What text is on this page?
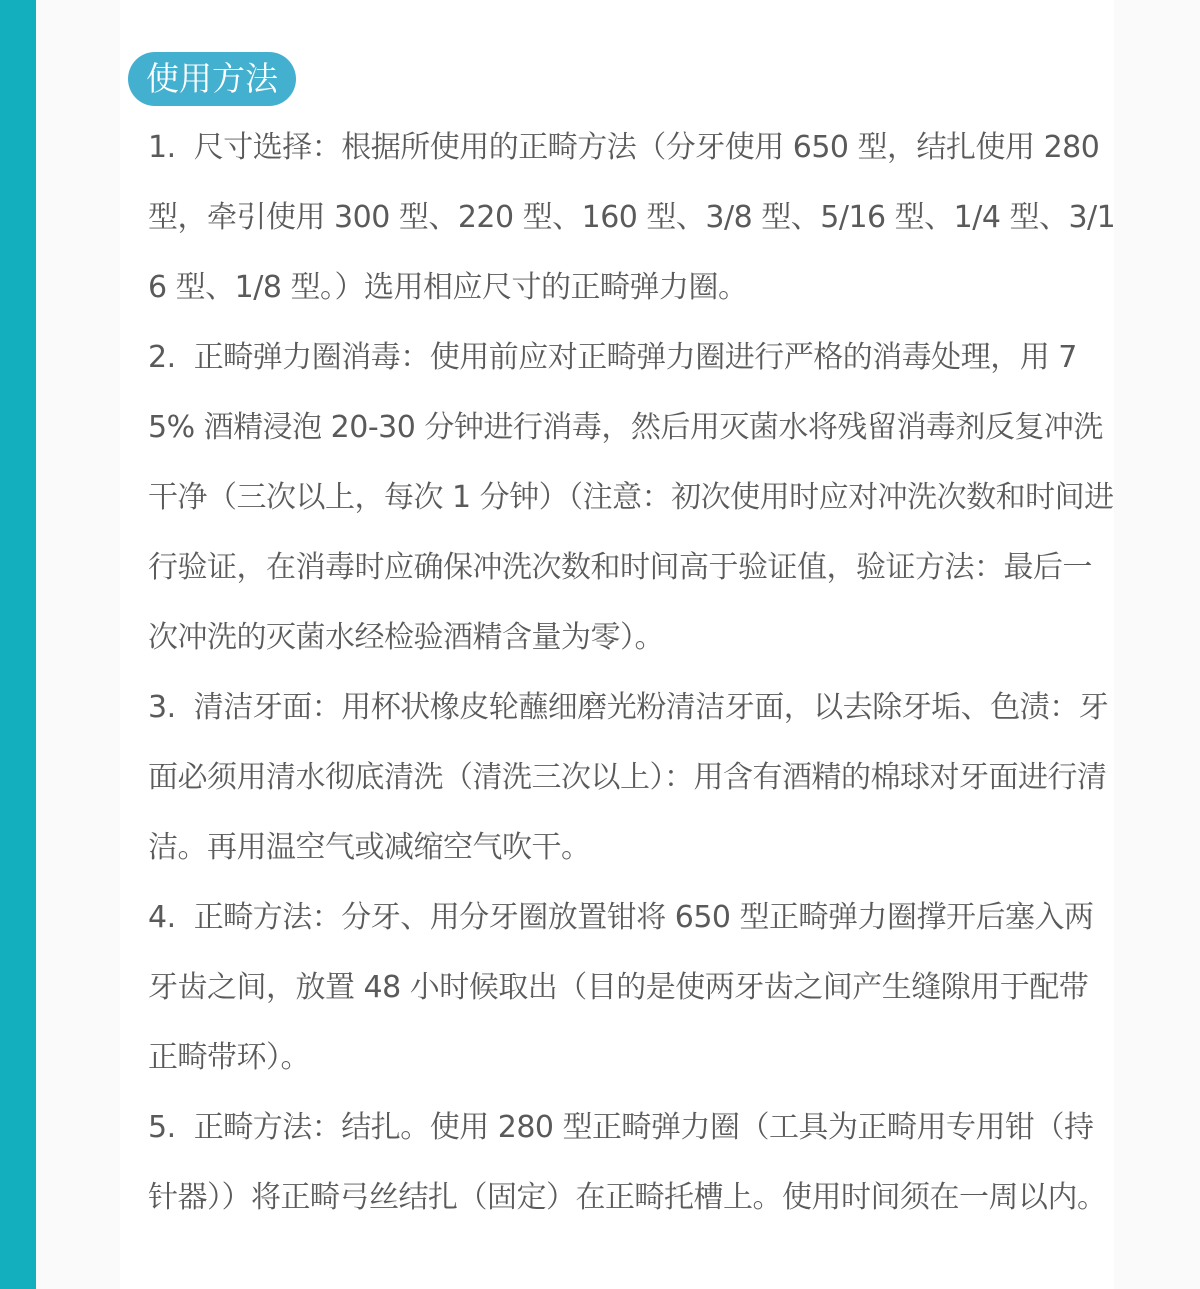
使用方法

1. 尺寸选择：根据所使用的正畸方法（分牙使用 650 型，结扎使用 280 型，牵引使用 300 型、220 型、160 型、3/8 型、5/16 型、1/4 型、3/16 型、1/8 型。）选用相应尺寸的正畸弹力圈。

2. 正畸弹力圈消毒：使用前应对正畸弹力圈进行严格的消毒处理，用 75% 酒精浸泡 20-30 分钟进行消毒，然后用灭菌水将残留消毒剂反复冲洗干净（三次以上，每次 1 分钟）（注意：初次使用时应对冲洗次数和时间进行验证，在消毒时应确保冲洗次数和时间高于验证值，验证方法：最后一次冲洗的灭菌水经检验酒精含量为零）。

3. 清洁牙面：用杯状橡皮轮蘸细磨光粉清洁牙面，以去除牙垢、色渍：牙面必须用清水彻底清洗（清洗三次以上）：用含有酒精的棉球对牙面进行清洁。再用温空气或减缩空气吹干。

4. 正畸方法：分牙、用分牙圈放置钳将 650 型正畸弹力圈撑开后塞入两牙齿之间，放置 48 小时候取出（目的是使两牙齿之间产生缝隙用于配带正畸带环）。

5. 正畸方法：结扎。使用 280 型正畸弹力圈（工具为正畸用专用钳（持针器））将正畸弓丝结扎（固定）在正畸托槽上。使用时间须在一周以内。
